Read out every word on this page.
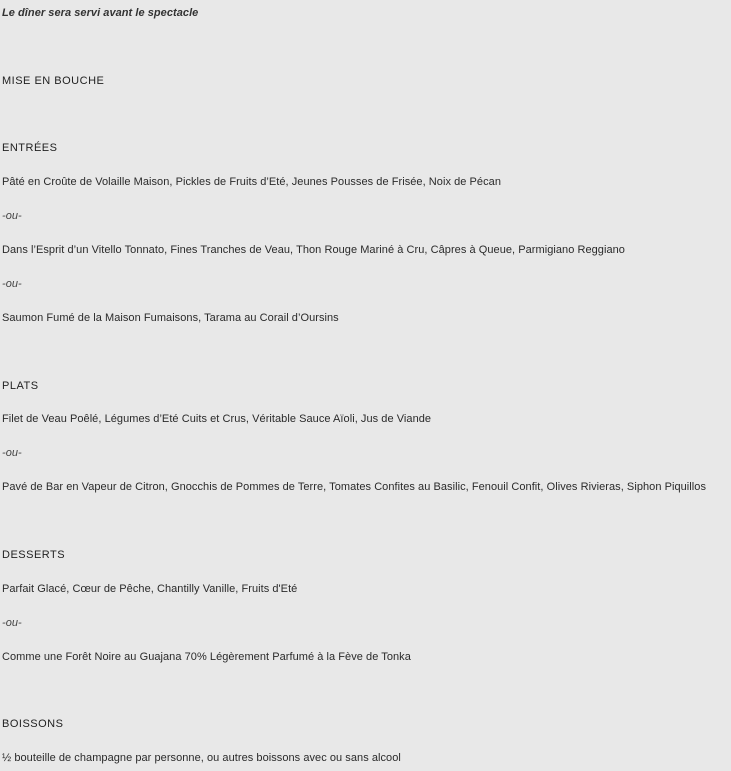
Le dîner sera servi avant le spectacle
MISE EN BOUCHE
ENTRÉES
Pâté en Croûte de Volaille Maison, Pickles de Fruits d’Eté, Jeunes Pousses de Frisée, Noix de Pécan
-ou-
Dans l’Esprit d’un Vitello Tonnato, Fines Tranches de Veau, Thon Rouge Mariné à Cru, Câpres à Queue, Parmigiano Reggiano
-ou-
Saumon Fumé de la Maison Fumaisons, Tarama au Corail d’Oursins
PLATS
Filet de Veau Poêlé, Légumes d’Eté Cuits et Crus, Véritable Sauce Aïoli, Jus de Viande
-ou-
Pavé de Bar en Vapeur de Citron, Gnocchis de Pommes de Terre, Tomates Confites au Basilic, Fenouil Confit, Olives Rivieras, Siphon Piquillos
DESSERTS
Parfait Glacé, Cœur de Pêche, Chantilly Vanille, Fruits d'Eté
-ou-
Comme une Forêt Noire au Guajana 70% Légèrement Parfumé à la Fève de Tonka
BOISSONS
½ bouteille de champagne par personne, ou autres boissons avec ou sans alcool
